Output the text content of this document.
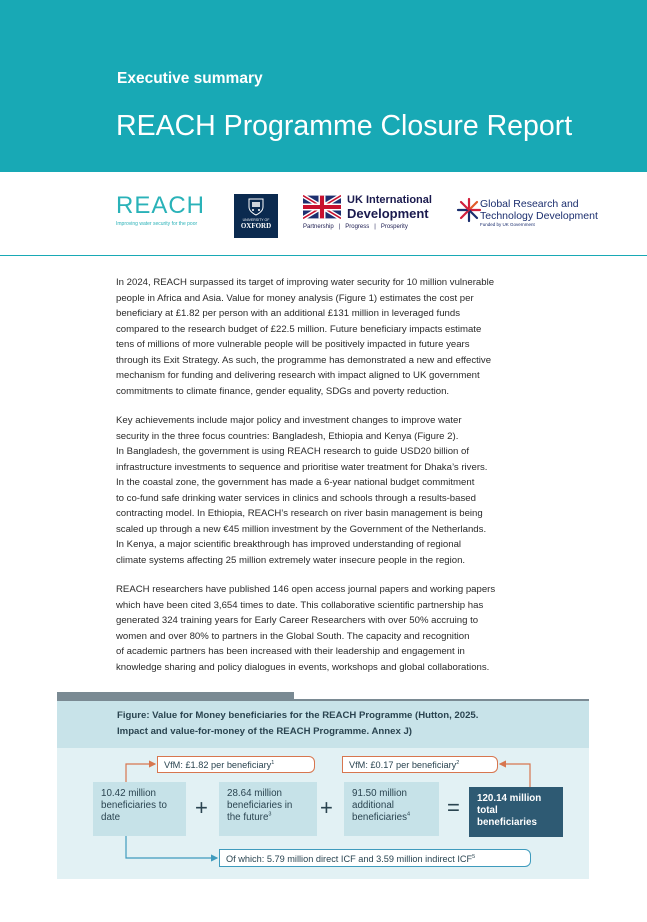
Executive summary
REACH Programme Closure Report
REACH
Improving water security for the poor
UNIVERSITY OF
OXFORD
UK International
Development
Partnership   |   Progress   |   Prosperity
Global Research and
Technology Development
Funded by UK Government
In 2024, REACH surpassed its target of improving water security for 10 million vulnerable
people in Africa and Asia. Value for money analysis (Figure 1) estimates the cost per
beneficiary at £1.82 per person with an additional £131 million in leveraged funds
compared to the research budget of £22.5 million. Future beneficiary impacts estimate
tens of millions of more vulnerable people will be positively impacted in future years
through its Exit Strategy. As such, the programme has demonstrated a new and effective
mechanism for funding and delivering research with impact aligned to UK government
commitments to climate finance, gender equality, SDGs and poverty reduction.
Key achievements include major policy and investment changes to improve water
security in the three focus countries: Bangladesh, Ethiopia and Kenya (Figure 2).
In Bangladesh, the government is using REACH research to guide USD20 billion of
infrastructure investments to sequence and prioritise water treatment for Dhaka’s rivers.
In the coastal zone, the government has made a 6-year national budget commitment
to co-fund safe drinking water services in clinics and schools through a results-based
contracting model. In Ethiopia, REACH’s research on river basin management is being
scaled up through a new €45 million investment by the Government of the Netherlands.
In Kenya, a major scientific breakthrough has improved understanding of regional
climate systems affecting 25 million extremely water insecure people in the region.
REACH researchers have published 146 open access journal papers and working papers
which have been cited 3,654 times to date. This collaborative scientific partnership has
generated 324 training years for Early Career Researchers with over 50% accruing to
women and over 80% to partners in the Global South. The capacity and recognition
of academic partners has been increased with their leadership and engagement in
knowledge sharing and policy dialogues in events, workshops and global collaborations.
Figure: Value for Money beneficiaries for the REACH Programme (Hutton, 2025.
Impact and value-for-money of the REACH Programme. Annex J)
VfM: £1.82 per beneficiary$^1$	VfM: £0.17 per beneficiary$^2$
10.42 million
beneficiaries to
date	+
28.64 million
beneficiaries in
the future$^3$	+
91.50 million
additional
beneficiaries$^4$	= 120.14 million
total
beneficiaries
Of which: 5.79 million direct ICF and 3.59 million indirect ICF$^5$
